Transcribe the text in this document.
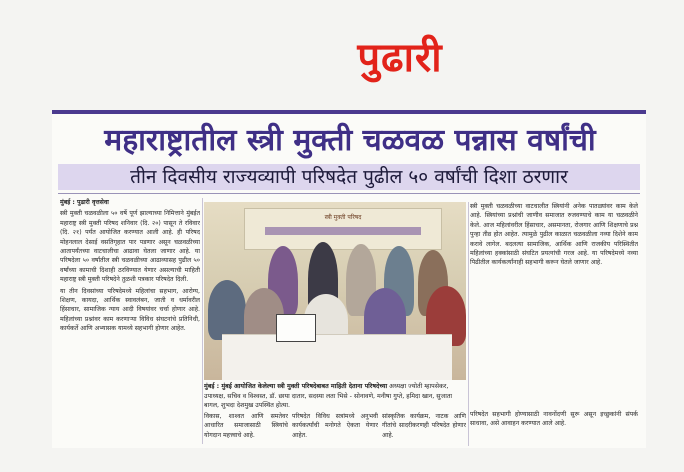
पुढारी
महाराष्ट्रातील स्त्री मुक्ती चळवळ पन्नास वर्षांची
तीन दिवसीय राज्यव्यापी परिषदेत पुढील ५० वर्षांची दिशा ठरणार

मुंबई : पुढारी वृत्तसेवा

स्त्री मुक्ती चळवळीला ५० वर्षे पूर्ण झाल्याच्या निमित्ताने मुंबईत महाराष्ट्र स्त्री मुक्ती परिषद शनिवार (दि. २०) पासून ते रविवार (दि. २१) पर्यंत आयोजित करण्यात आली आहे. ही परिषद मोहनलाल देसाई वसतिगृहात पार पडणार असून चळवळीच्या आतापर्यंतच्या वाटचालीचा आढावा घेतला जाणार आहे. या परिषदेला ५० वर्षांतील स्त्री चळवळीच्या आढाव्यासह पुढील ५० वर्षांच्या कामाची दिशाही ठरविण्यात येणार असल्याची माहिती महाराष्ट्र स्त्री मुक्ती परिषदेने तुळशी पत्रकार परिषदेत दिली.

या तीन दिवसांच्या परिषदेमध्ये महिलांचा सहभाग, आरोग्य, शिक्षण, कायदा, आर्थिक स्वावलंबन, जाती व धर्मावरील हिंसाचार, सामाजिक न्याय आदी विषयांवर चर्चा होणार आहे. महिलांच्या प्रश्नांवर काम करणाऱ्या विविध संघटनांचे प्रतिनिधी, कार्यकर्ते आणि अभ्यासक यामध्ये सहभागी होणार आहेत.

स्त्री मुक्ती परिषद
मुंबई : मुंबई आयोजित केलेल्या स्त्री मुक्ती परिषदेबाबत माहिती देताना परिषदेच्या अध्यक्षा ज्योती म्हापसेकर, उपाध्यक्ष, सचिव व विश्वस्त, डॉ. छाया दातार, सदस्या लता भिसे - सोनावणे, मनीषा गुप्ते, हमिदा खान, सुजाता बागल, शुभदा देशमुख उपस्थित होत्या.

स्त्री मुक्ती चळवळीच्या वाटचालीत स्त्रियांनी अनेक पातळ्यांवर काम केले आहे. स्त्रियांच्या प्रश्नांची जाणीव समाजात रुजवण्याचे काम या चळवळीने केले. आज महिलांवरील हिंसाचार, असमानता, रोजगार आणि शिक्षणाचे प्रश्न पुन्हा तीव्र होत आहेत. त्यामुळे पुढील काळात चळवळीला नव्या दिशेने काम करावे लागेल. बदलत्या सामाजिक, आर्थिक आणि राजकीय परिस्थितीत महिलांच्या हक्कांसाठी संघटित प्रयत्नांची गरज आहे. या परिषदेमध्ये नव्या पिढीतील कार्यकर्त्यांनाही सहभागी करून घेतले जाणार आहे.

विकास, शाश्वत आणि समतेवर आधारित समाजासाठी स्त्रियांचे योगदान महत्त्वाचे आहे.

परिषदेत विविध सत्रांमध्ये अनुभवी कार्यकर्त्यांची मनोगते ऐकता येणार आहेत.

सांस्कृतिक कार्यक्रम, नाटक आणि गीतांचे सादरीकरणही परिषदेत होणार आहे.

परिषदेत सहभागी होण्यासाठी नावनोंदणी सुरू असून इच्छुकांनी संपर्क साधावा, असे आवाहन करण्यात आले आहे.
